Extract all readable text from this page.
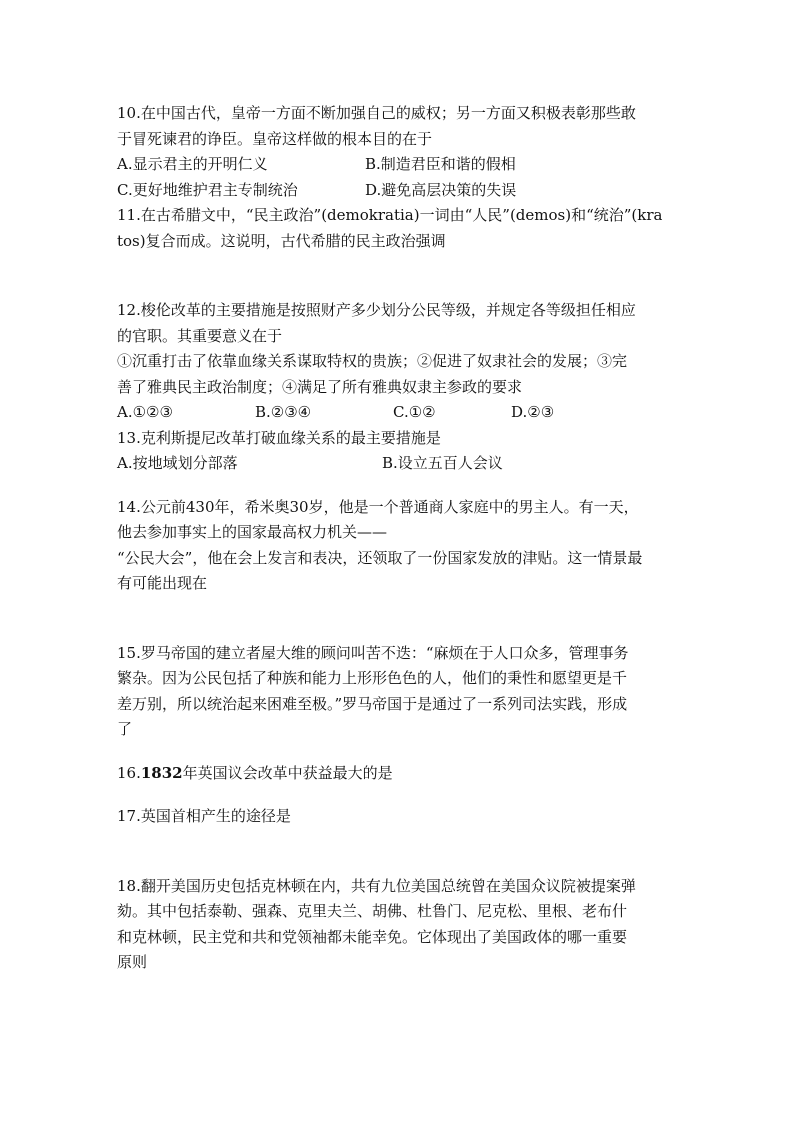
10.在中国古代，皇帝一方面不断加强自己的威权；另一方面又积极表彰那些敢
于冒死谏君的诤臣。皇帝这样做的根本目的在于
A.显示君主的开明仁义	B.制造君臣和谐的假相
C.更好地维护君主专制统治	D.避免高层决策的失误
11.在古希腊文中，“民主政治”(demokratia)一词由“人民”(demos)和“统治”(kra
tos)复合而成。这说明，古代希腊的民主政治强调
12.梭伦改革的主要措施是按照财产多少划分公民等级，并规定各等级担任相应
的官职。其重要意义在于
①沉重打击了依靠血缘关系谋取特权的贵族；②促进了奴隶社会的发展；③完
善了雅典民主政治制度；④满足了所有雅典奴隶主参政的要求
A.①②③	B.②③④	C.①②	D.②③
13.克利斯提尼改革打破血缘关系的最主要措施是
A.按地域划分部落	B.设立五百人会议
14.公元前430年，希米奥30岁，他是一个普通商人家庭中的男主人。有一天，
他去参加事实上的国家最高权力机关——
“公民大会”，他在会上发言和表决，还领取了一份国家发放的津贴。这一情景最
有可能出现在
15.罗马帝国的建立者屋大维的顾问叫苦不迭：“麻烦在于人口众多，管理事务
繁杂。因为公民包括了种族和能力上形形色色的人，他们的秉性和愿望更是千
差万别，所以统治起来困难至极。”罗马帝国于是通过了一系列司法实践，形成
了
16.1832年英国议会改革中获益最大的是
17.英国首相产生的途径是
18.翻开美国历史包括克林顿在内，共有九位美国总统曾在美国众议院被提案弹
劾。其中包括泰勒、强森、克里夫兰、胡佛、杜鲁门、尼克松、里根、老布什
和克林顿，民主党和共和党领袖都未能幸免。它体现出了美国政体的哪一重要
原则
